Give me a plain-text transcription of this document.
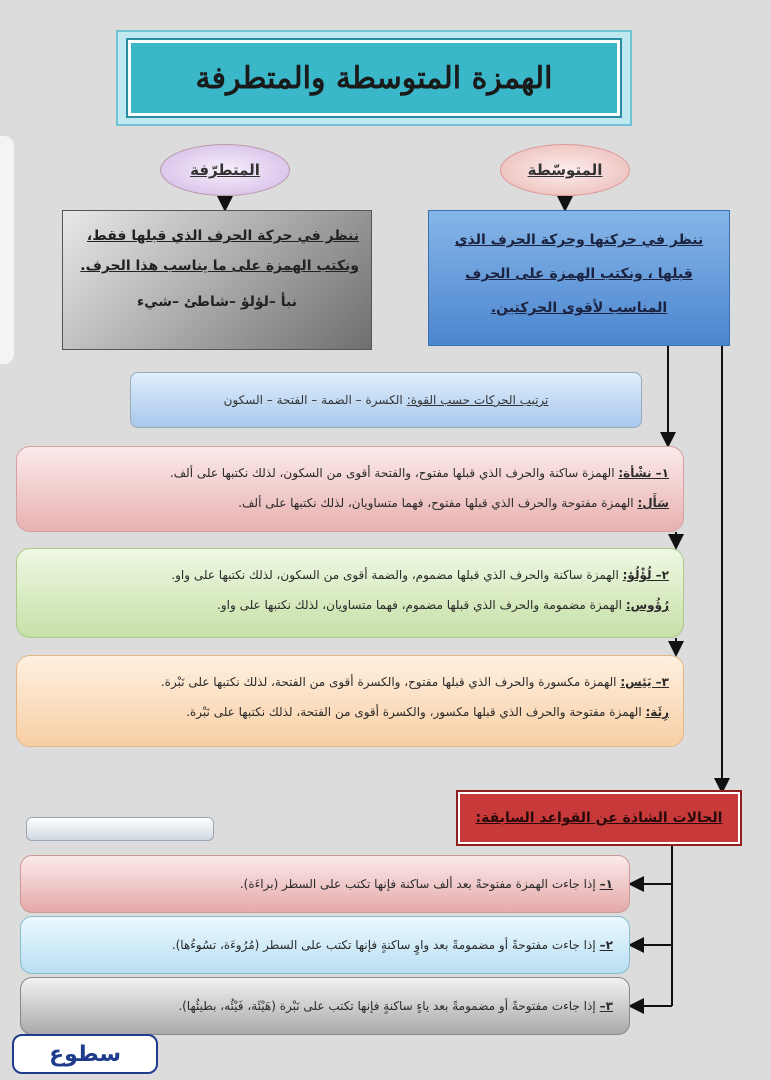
الهمزة المتوسطة والمتطرفة
المتوسّطة
المتطرّفة
ننظر في حركتها وحركة الحرف الذي قبلها ، ونكتب الهمزة على الحرف المناسب لأقوى الحركتين.
ننظر في حركة الحرف الذي قبلها فقط، ونكتب الهمزة على ما يناسب هذا الحرف.
نبأ –لؤلؤ –شاطئ –شيء
ترتيب الحركات حسب القوة:
الكسرة – الضمة – الفتحة – السكون

١– نشْأة: الهمزة ساكنة والحرف الذي قبلها مفتوح، والفتحة أقوى من السكون، لذلك نكتبها على ألف.

سَأَل: الهمزة مفتوحة والحرف الذي قبلها مفتوح، فهما متساويان، لذلك نكتبها على ألف.

٢– لُؤْلُؤ: الهمزة ساكنة والحرف الذي قبلها مضموم، والضمة أقوى من السكون، لذلك نكتبها على واو.

رُؤُوس: الهمزة مضمومة والحرف الذي قبلها مضموم، فهما متساويان، لذلك نكتبها على واو.

٣– يَئِس: الهمزة مكسورة والحرف الذي قبلها مفتوح، والكسرة أقوى من الفتحة، لذلك نكتبها على نَبْرة.

رِئَة: الهمزة مفتوحة والحرف الذي قبلها مكسور، والكسرة أقوى من الفتحة، لذلك نكتبها على نَبْرة.

الحالات الشاذة عن القواعد السابقة:
١–
إذا جاءت الهمزة مفتوحةً بعد ألف ساكنة فإنها تكتب على السطر (براءَة).
٢–
إذا جاءت مفتوحةً أو مضمومةً بعد واوٍ ساكنةٍ فإنها تكتب على السطر (مُرُوءَة، تسُوءُها).
٣–
إذا جاءت مفتوحةً أو مضمومةً بعد ياءٍ ساكنةٍ فإنها تكتب على نَبْرة (هَيْئَة، فَيْئُه، بطيئُها).
سطوع
